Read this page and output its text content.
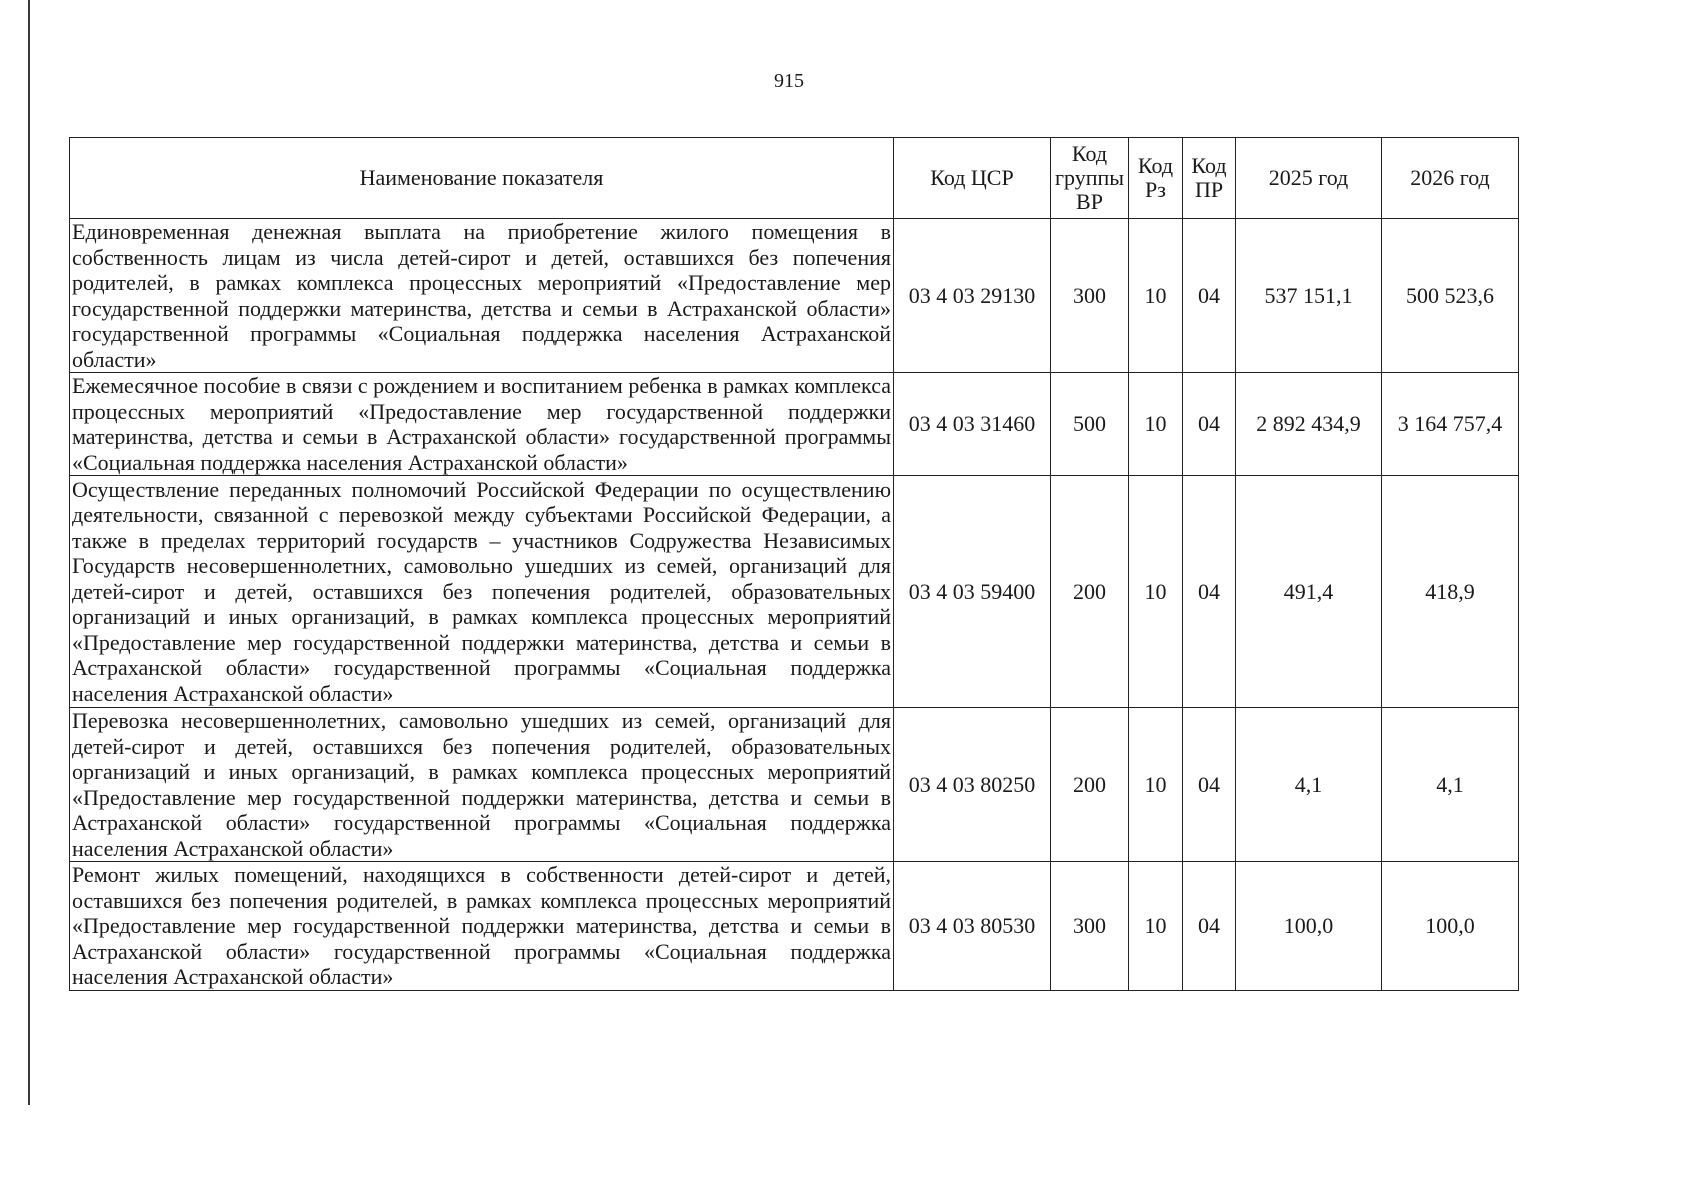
915
Наименование показателя	Код ЦСР	Код группы ВР	Код Рз	Код ПР	2025 год	2026 год
Единовременная денежная выплата на приобретение жилого помещения в собственность лицам из числа детей-сирот и детей, оставшихся без попечения родителей, в рамках комплекса процессных мероприятий «Предоставление мер государственной поддержки материнства, детства и семьи в Астраханской области» государственной программы «Социальная поддержка населения Астраханской области»	03 4 03 29130	300	10	04	537 151,1	500 523,6
Ежемесячное пособие в связи с рождением и воспитанием ребенка в рамках комплекса процессных мероприятий «Предоставление мер государственной поддержки материнства, детства и семьи в Астраханской области» государственной программы «Социальная поддержка населения Астраханской области»	03 4 03 31460	500	10	04	2 892 434,9	3 164 757,4
Осуществление переданных полномочий Российской Федерации по осуществлению деятельности, связанной с перевозкой между субъектами Российской Федерации, а также в пределах территорий государств – участников Содружества Независимых Государств несовершеннолетних, самовольно ушедших из семей, организаций для детей-сирот и детей, оставшихся без попечения родителей, образовательных организаций и иных организаций, в рамках комплекса процессных мероприятий «Предоставление мер государственной поддержки материнства, детства и семьи в Астраханской области» государственной программы «Социальная поддержка населения Астраханской области»	03 4 03 59400	200	10	04	491,4	418,9
Перевозка несовершеннолетних, самовольно ушедших из семей, организаций для детей-сирот и детей, оставшихся без попечения родителей, образовательных организаций и иных организаций, в рамках комплекса процессных мероприятий «Предоставление мер государственной поддержки материнства, детства и семьи в Астраханской области» государственной программы «Социальная поддержка населения Астраханской области»	03 4 03 80250	200	10	04	4,1	4,1
Ремонт жилых помещений, находящихся в собственности детей-сирот и детей, оставшихся без попечения родителей, в рамках комплекса процессных мероприятий «Предоставление мер государственной поддержки материнства, детства и семьи в Астраханской области» государственной программы «Социальная поддержка населения Астраханской области»	03 4 03 80530	300	10	04	100,0	100,0
